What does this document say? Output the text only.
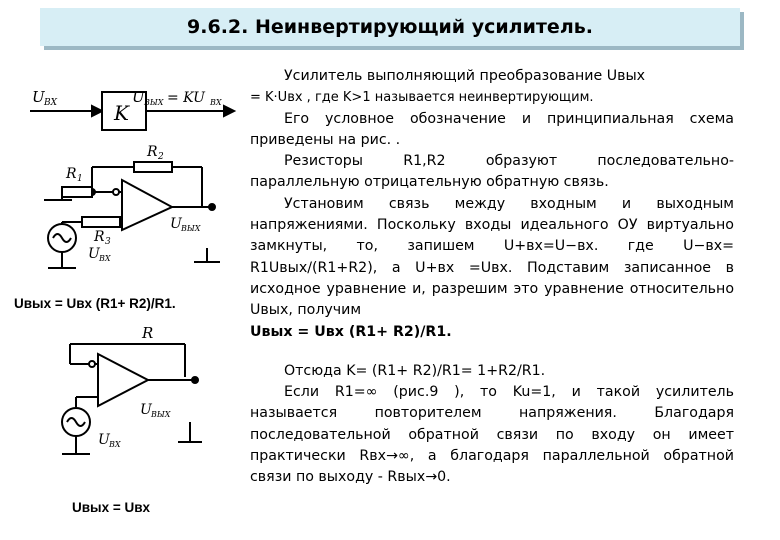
9.6.2. Неинвертирующий усилитель.
U ВХ	K
U ВЫХ = KU ВХ
R 2
R 1
R 3
U ВЫХ
U ВХ
Uвых = Uвх (R1+ R2)/R1.
R
U ВЫХ
U ВХ
Uвых = Uвх

Усилитель выполняющий преобразование Uвых

= K·Uвх , где K>1 называется неинвертирующим.

Его условное обозначение и принципиальная схема приведены на рис. .

Резисторы R1,R2 образуют последовательно-параллельную отрицательную обратную связь.

Установим связь между входным и выходным напряжениями. Поскольку входы идеального ОУ виртуально замкнуты, то, запишем U+вх=U−вх. где U−вх= R1Uвых/(R1+R2), а U+вх =Uвх. Подставим записанное в исходное уравнение и, разрешим это уравнение относительно Uвых, получим

Uвых = Uвх (R1+ R2)/R1.

Отсюда K= (R1+ R2)/R1= 1+R2/R1.

Если R1=∞ (рис.9 ), то Ku=1, и такой усилитель называется повторителем напряжения. Благодаря последовательной обратной связи по входу он имеет практически Rвх→∞, а благодаря параллельной обратной связи по выходу - Rвых→0.
